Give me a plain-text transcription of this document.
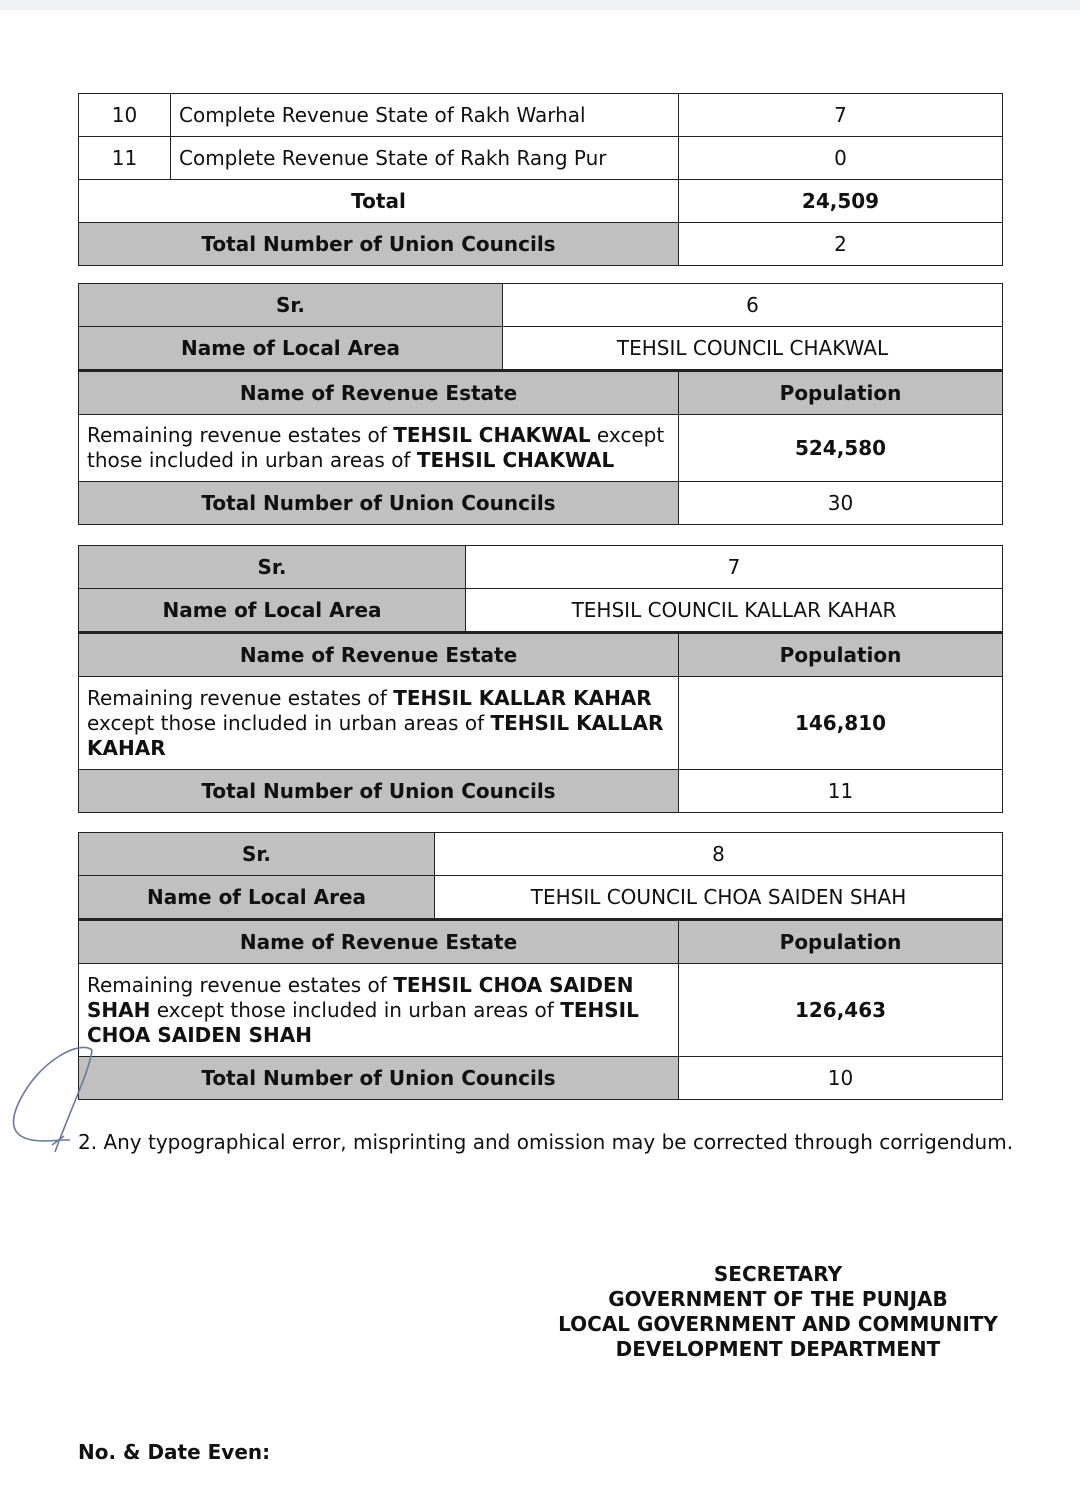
10	Complete Revenue State of Rakh Warhal	7
11	Complete Revenue State of Rakh Rang Pur	0
Total		24,509
Total Number of Union Councils		2
Sr.	6	
Name of Local Area	TEHSIL COUNCIL CHAKWAL	
Name of Revenue Estate		Population
Remaining revenue estates of TEHSIL CHAKWAL except those included in urban areas of TEHSIL CHAKWAL		524,580
Total Number of Union Councils		30
Sr.	7	
Name of Local Area	TEHSIL COUNCIL KALLAR KAHAR	
Name of Revenue Estate		Population
Remaining revenue estates of TEHSIL KALLAR KAHAR except those included in urban areas of TEHSIL KALLAR KAHAR		146,810
Total Number of Union Councils		11
Sr.	8	
Name of Local Area	TEHSIL COUNCIL CHOA SAIDEN SHAH	
Name of Revenue Estate		Population
Remaining revenue estates of TEHSIL CHOA SAIDEN SHAH except those included in urban areas of TEHSIL CHOA SAIDEN SHAH		126,463
Total Number of Union Councils		10
2. Any typographical error, misprinting and omission may be corrected through corrigendum.
SECRETARY
GOVERNMENT OF THE PUNJAB
LOCAL GOVERNMENT AND COMMUNITY
DEVELOPMENT DEPARTMENT
No. & Date Even:
